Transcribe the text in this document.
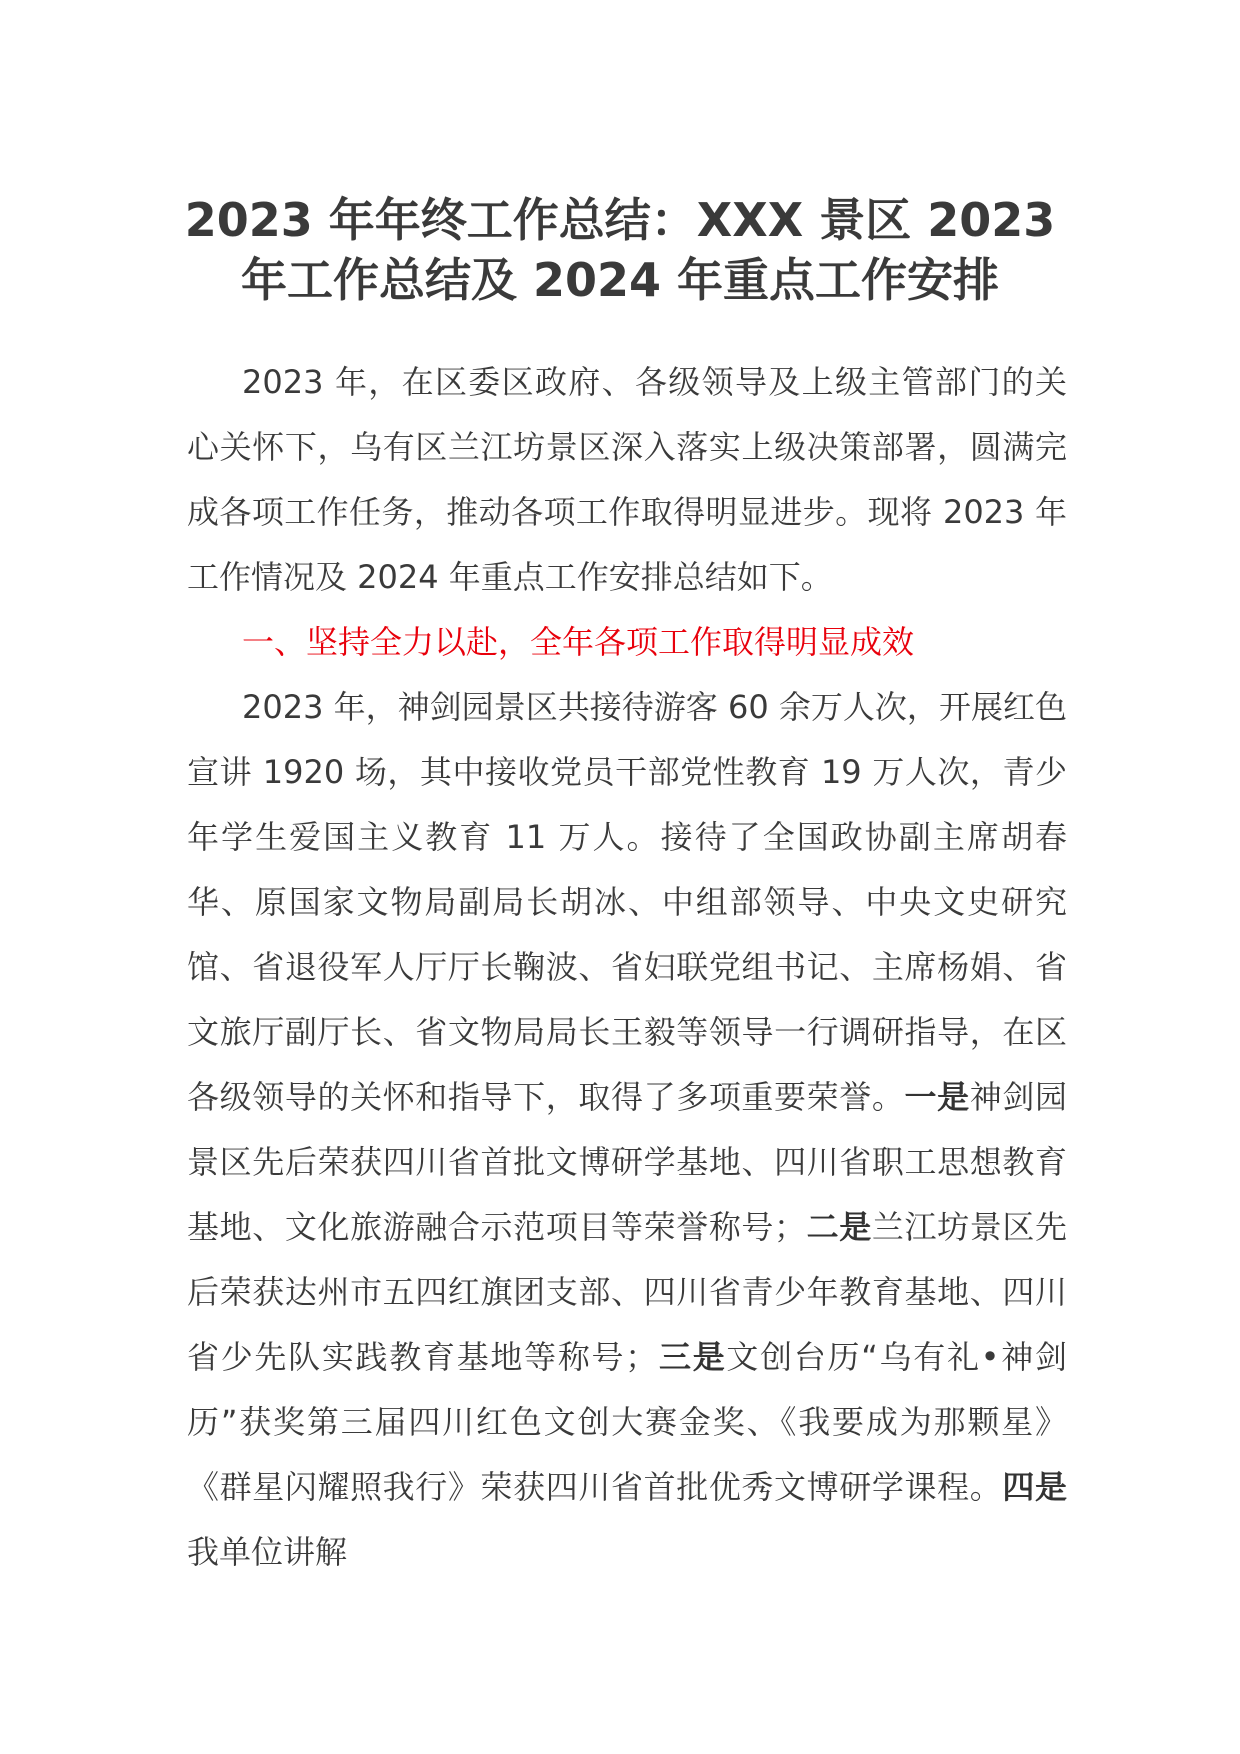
2023 年年终工作总结：XXX 景区 2023
年工作总结及 2024 年重点工作安排

2023 年，在区委区政府、各级领导及上级主管部门的关心关怀下，乌有区兰江坊景区深入落实上级决策部署，圆满完成各项工作任务，推动各项工作取得明显进步。现将 2023 年工作情况及 2024 年重点工作安排总结如下。

一、坚持全力以赴，全年各项工作取得明显成效

2023 年，神剑园景区共接待游客 60 余万人次，开展红色宣讲 1920 场，其中接收党员干部党性教育 19 万人次，青少年学生爱国主义教育 11 万人。接待了全国政协副主席胡春华、原国家文物局副局长胡冰、中组部领导、中央文史研究馆、省退役军人厅厅长鞠波、省妇联党组书记、主席杨娟、省文旅厅副厅长、省文物局局长王毅等领导一行调研指导，在区各级领导的关怀和指导下，取得了多项重要荣誉。一是神剑园景区先后荣获四川省首批文博研学基地、四川省职工思想教育基地、文化旅游融合示范项目等荣誉称号；二是兰江坊景区先后荣获达州市五四红旗团支部、四川省青少年教育基地、四川省少先队实践教育基地等称号；三是文创台历“乌有礼•神剑历”获奖第三届四川红色文创大赛金奖、《我要成为那颗星》《群星闪耀照我行》荣获四川省首批优秀文博研学课程。四是我单位讲解
